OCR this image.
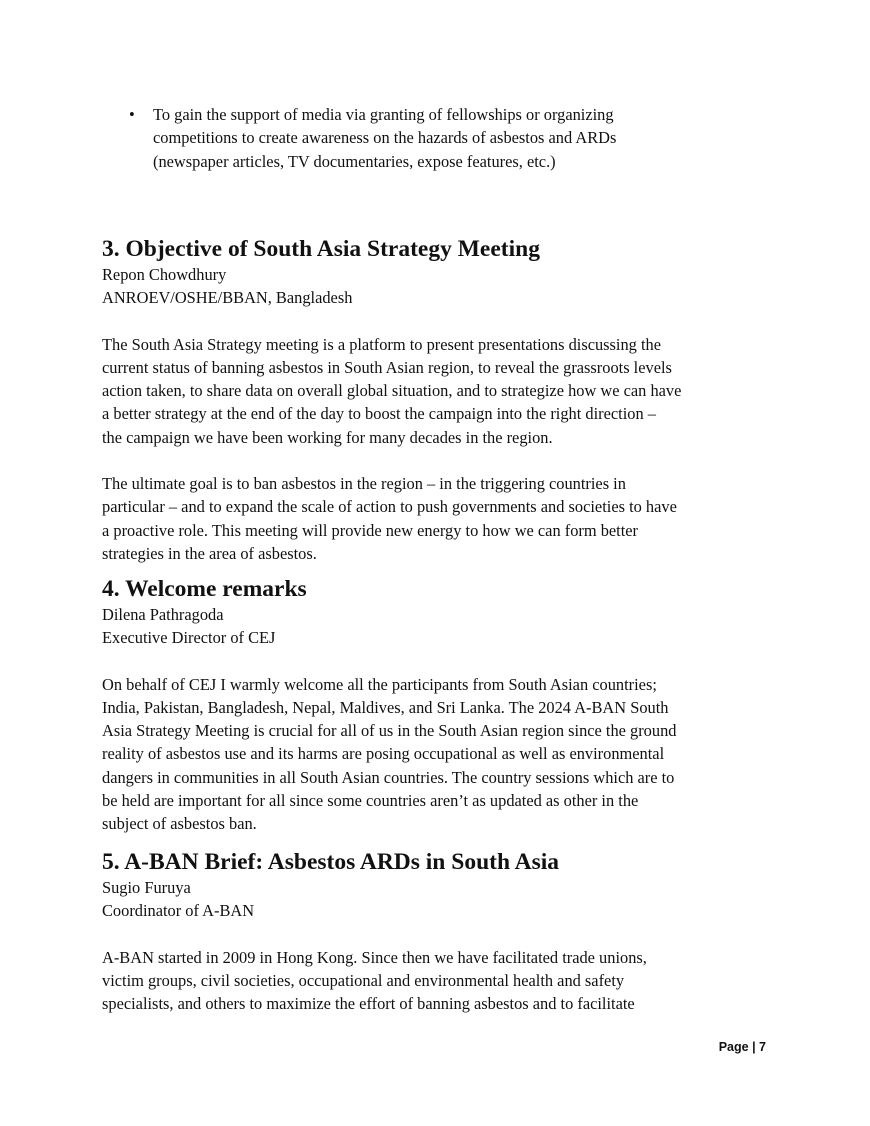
• To gain the support of media via granting of fellowships or organizing
competitions to create awareness on the hazards of asbestos and ARDs
(newspaper articles, TV documentaries, expose features, etc.)
3. Objective of South Asia Strategy Meeting

Repon Chowdhury

ANROEV/OSHE/BBAN, Bangladesh

The South Asia Strategy meeting is a platform to present presentations discussing the
current status of banning asbestos in South Asian region, to reveal the grassroots levels
action taken, to share data on overall global situation, and to strategize how we can have
a better strategy at the end of the day to boost the campaign into the right direction –
the campaign we have been working for many decades in the region.

The ultimate goal is to ban asbestos in the region – in the triggering countries in
particular – and to expand the scale of action to push governments and societies to have
a proactive role. This meeting will provide new energy to how we can form better
strategies in the area of asbestos.

4. Welcome remarks

Dilena Pathragoda

Executive Director of CEJ

On behalf of CEJ I warmly welcome all the participants from South Asian countries;
India, Pakistan, Bangladesh, Nepal, Maldives, and Sri Lanka. The 2024 A-BAN South
Asia Strategy Meeting is crucial for all of us in the South Asian region since the ground
reality of asbestos use and its harms are posing occupational as well as environmental
dangers in communities in all South Asian countries. The country sessions which are to
be held are important for all since some countries aren’t as updated as other in the
subject of asbestos ban.

5. A-BAN Brief: Asbestos ARDs in South Asia

Sugio Furuya

Coordinator of A-BAN

A-BAN started in 2009 in Hong Kong. Since then we have facilitated trade unions,
victim groups, civil societies, occupational and environmental health and safety
specialists, and others to maximize the effort of banning asbestos and to facilitate

Page | 7
